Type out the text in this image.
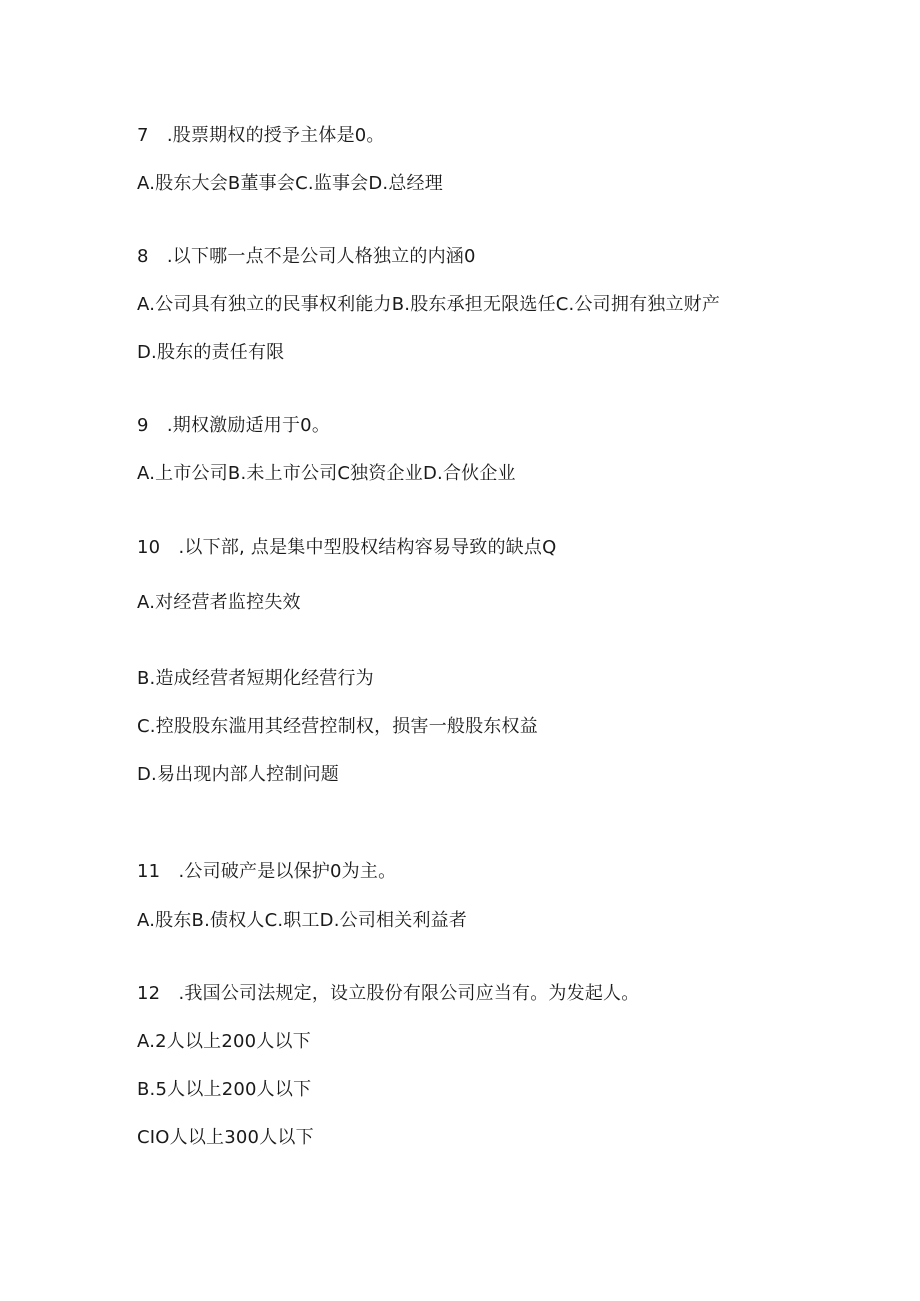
7　.股票期权的授予主体是0。
A.股东大会B董事会C.监事会D.总经理
8　.以下哪一点不是公司人格独立的内涵0
A.公司具有独立的民事权利能力B.股东承担无限选任C.公司拥有独立财产
D.股东的责任有限
9　.期权激励适用于0。
A.上市公司B.未上市公司C独资企业D.合伙企业
10　.以下部, 点是集中型股权结构容易导致的缺点Q
A.对经营者监控失效
B.造成经营者短期化经营行为
C.控股股东滥用其经营控制权，损害一般股东权益
D.易出现内部人控制问题
11　.公司破产是以保护0为主。
A.股东B.债权人C.职工D.公司相关利益者
12　.我国公司法规定，设立股份有限公司应当有。为发起人。
A.2人以上200人以下
B.5人以上200人以下
CIO人以上300人以下
